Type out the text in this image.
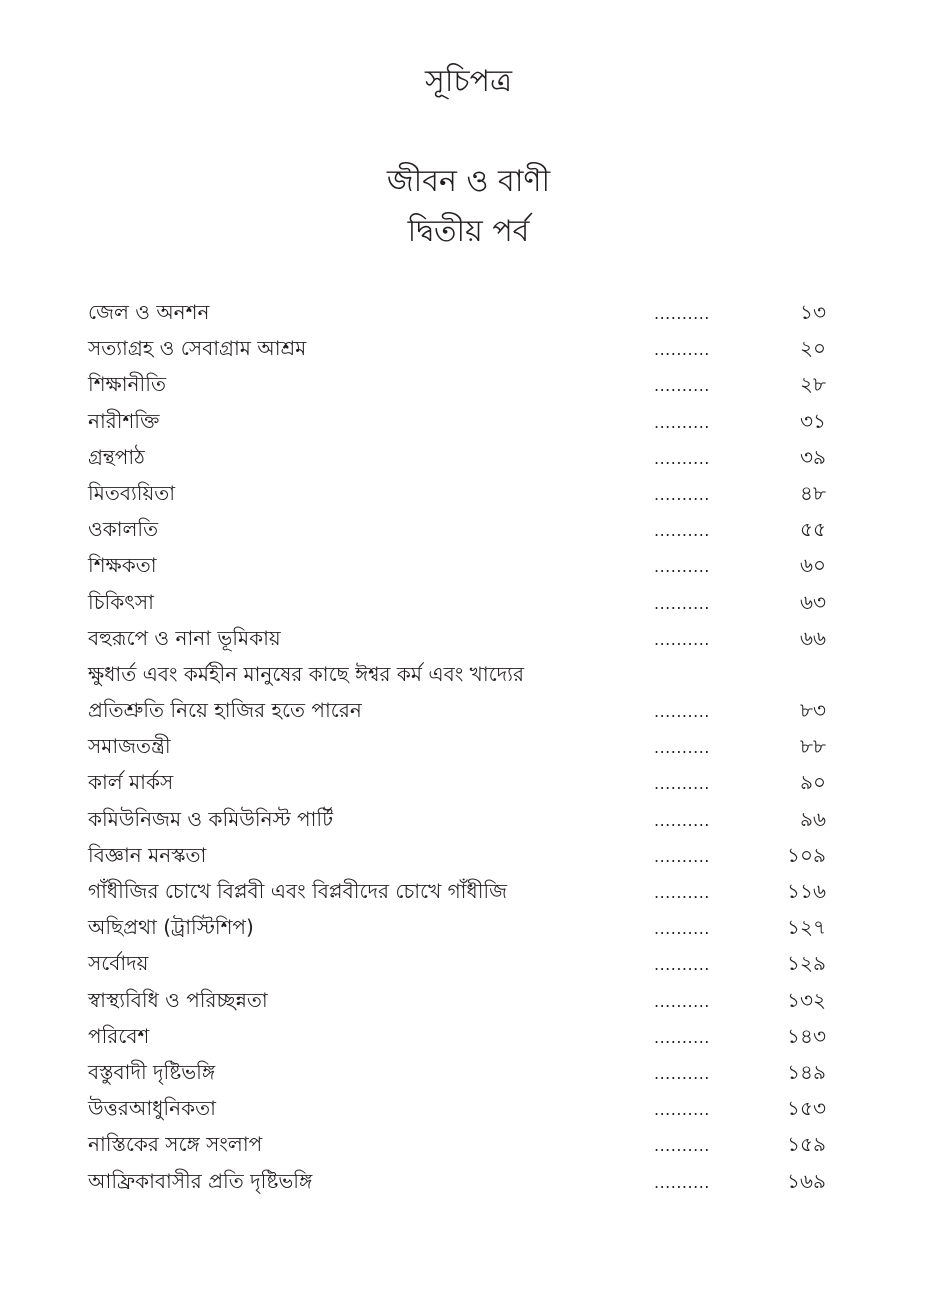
সূচিপত্র
জীবন ও বাণী
দ্বিতীয় পর্ব
জেল ও অনশন	..........	১৩
সত্যাগ্রহ ও সেবাগ্রাম আশ্রম	..........	২০
শিক্ষানীতি	..........	২৮
নারীশক্তি	..........	৩১
গ্রন্থপাঠ	..........	৩৯
মিতব্যয়িতা	..........	৪৮
ওকালতি	..........	৫৫
শিক্ষকতা	..........	৬০
চিকিৎসা	..........	৬৩
বহুরূপে ও নানা ভূমিকায়	..........	৬৬
ক্ষুধার্ত এবং কর্মহীন মানুষের কাছে ঈশ্বর কর্ম এবং খাদ্যের
প্রতিশ্রুতি নিয়ে হাজির হতে পারেন	..........	৮৩
সমাজতন্ত্রী	..........	৮৮
কার্ল মার্কস	..........	৯০
কমিউনিজম ও কমিউনিস্ট পার্টি	..........	৯৬
বিজ্ঞান মনস্কতা	..........	১০৯
গাঁধীজির চোখে বিপ্লবী এবং বিপ্লবীদের চোখে গাঁধীজি	..........	১১৬
অছিপ্রথা (ট্রাস্টিশিপ)	..........	১২৭
সর্বোদয়	..........	১২৯
স্বাস্থ্যবিধি ও পরিচ্ছন্নতা	..........	১৩২
পরিবেশ	..........	১৪৩
বস্তুবাদী দৃষ্টিভঙ্গি	..........	১৪৯
উত্তরআধুনিকতা	..........	১৫৩
নাস্তিকের সঙ্গে সংলাপ	..........	১৫৯
আফ্রিকাবাসীর প্রতি দৃষ্টিভঙ্গি	..........	১৬৯
